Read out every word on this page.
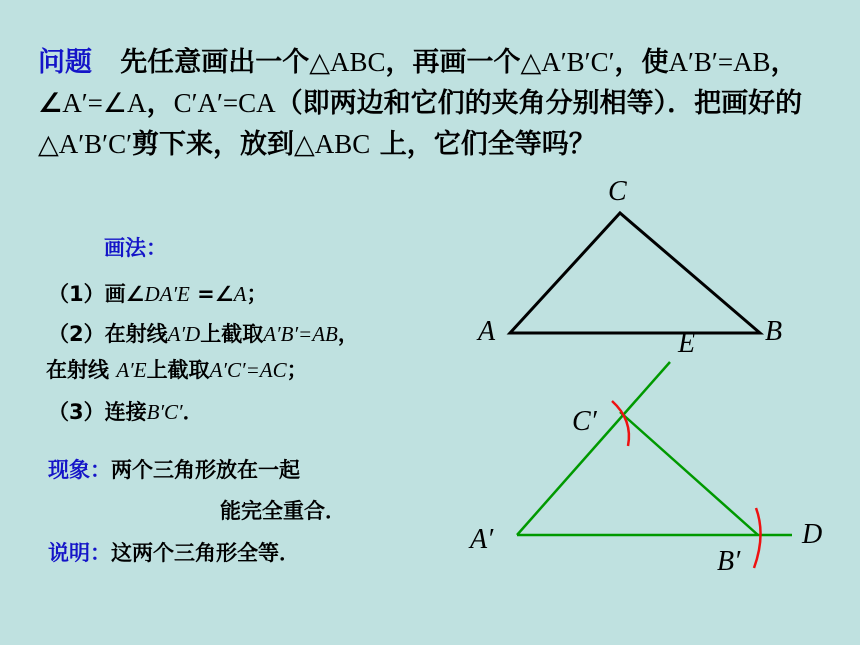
问题 先任意画出一个△ABC，再画一个△A′B′C′，使A′B′=AB，∠A′=∠A，C′A′=CA（即两边和它们的夹角分别相等）．把画好的△A′B′C′剪下来，放到△ABC 上，它们全等吗？
画法：
（1）画∠DA′E =∠A；
（2）在射线A′D上截取A′B′=AB，
在射线 A′E上截取A′C′=AC；
（3）连接B′C′．
现象：两个三角形放在一起
能完全重合．
说明：这两个三角形全等．
C
A	B
E
C′
A′
B′
D
